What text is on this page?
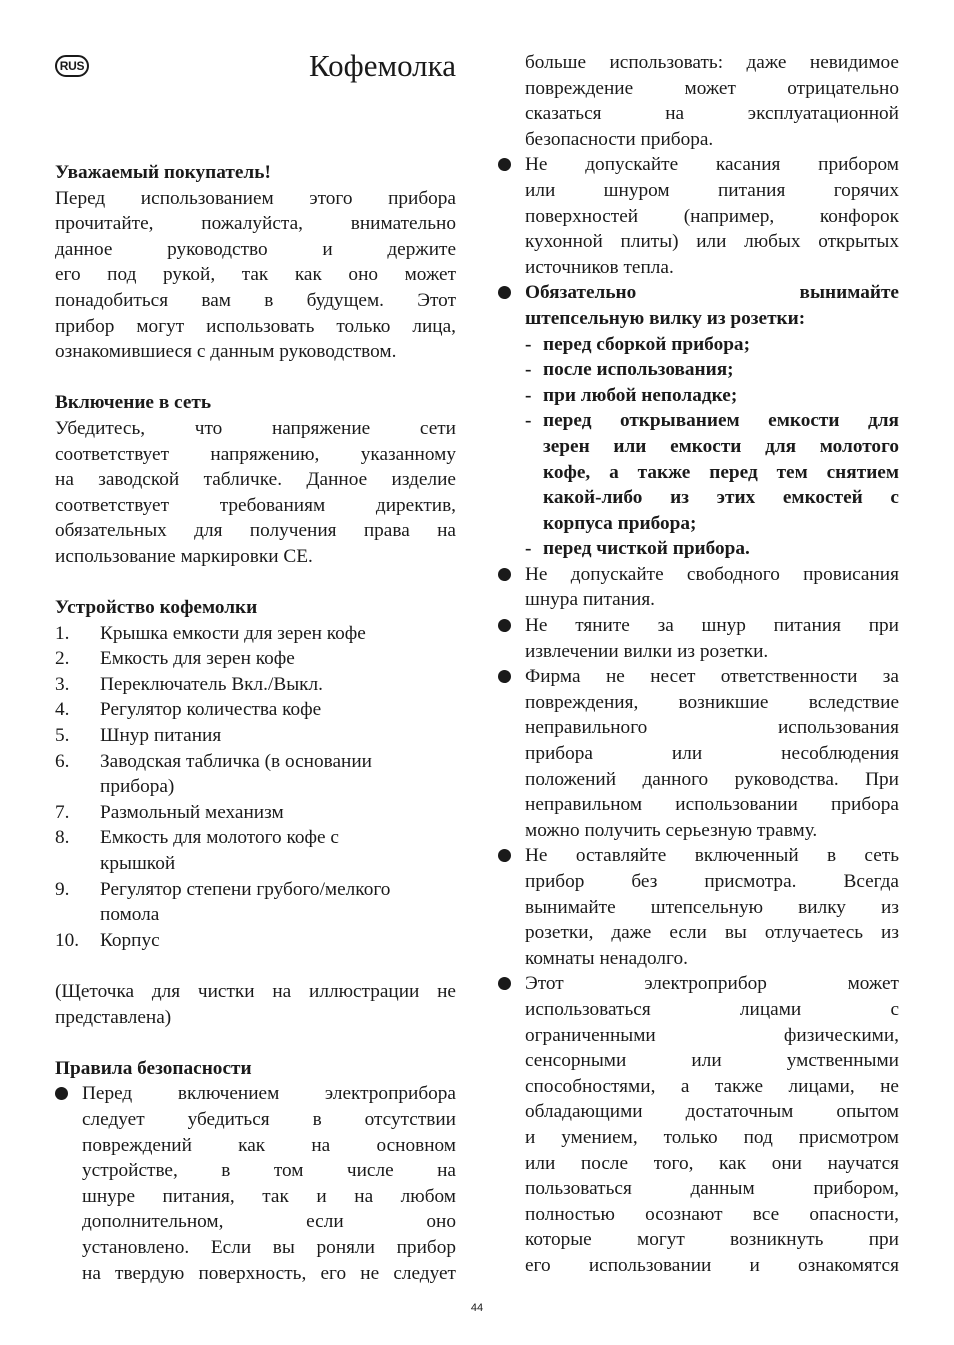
RUS	Кофемолка
Уважаемый покупатель!
Перед использованием этого прибора
прочитайте, пожалуйста, внимательно
данное руководство и держите
его под рукой, так как оно может
понадобиться вам в будущем. Этот
прибор могут использовать только лица,
ознакомившиеся с данным руководством.
Включение в сеть
Убедитесь, что напряжение сети
соответствует напряжению, указанному
на заводской табличке. Данное изделие
соответствует требованиям директив,
обязательных для получения права на
использование маркировки CE.
Устройство кофемолки
1.	Крышка емкости для зерен кофе
2.	Емкость для зерен кофе
3.	Переключатель Вкл./Выкл.
4.	Регулятор количества кофе
5.	Шнур питания
6.	Заводская табличка (в основании
прибора)
7.	Размольный механизм
8.	Емкость для молотого кофе с
крышкой
9.	Регулятор степени грубого/мелкого
помола
10.	Корпус
(Щеточка для чистки на иллюстрации не
представлена)
Правила безопасности
Перед включением электроприбора
следует убедиться в отсутствии
повреждений как на основном
устройстве, в том числе на
шнуре питания, так и на любом
дополнительном, если оно
установлено. Если вы роняли прибор
на твердую поверхность, его не следует
больше использовать: даже невидимое
повреждение может отрицательно
сказаться на эксплуатационной
безопасности прибора.
Не допускайте касания прибором
или шнуром питания горячих
поверхностей (например, конфорок
кухонной плиты) или любых открытых
источников тепла.
Обязательно вынимайте
штепсельную вилку из розетки:
- перед сборкой прибора;
- после использования;
- при любой неполадке;
- перед открыванием емкости для
зерен или емкости для молотого
кофе, а также перед тем снятием
какой-либо из этих емкостей с
корпуса прибора;
- перед чисткой прибора.
Не допускайте свободного провисания
шнура питания.
Не тяните за шнур питания при
извлечении вилки из розетки.
Фирма не несет ответственности за
повреждения, возникшие вследствие
неправильного использования
прибора или несоблюдения
положений данного руководства. При
неправильном использовании прибора
можно получить серьезную травму.
Не оставляйте включенный в сеть
прибор без присмотра. Всегда
вынимайте штепсельную вилку из
розетки, даже если вы отлучаетесь из
комнаты ненадолго.
Этот электроприбор может
использоваться лицами с
ограниченными физическими,
сенсорными или умственными
способностями, а также лицами, не
обладающими достаточным опытом
и умением, только под присмотром
или после того, как они научатся
пользоваться данным прибором,
полностью осознают все опасности,
которые могут возникнуть при
его использовании и ознакомятся
44
